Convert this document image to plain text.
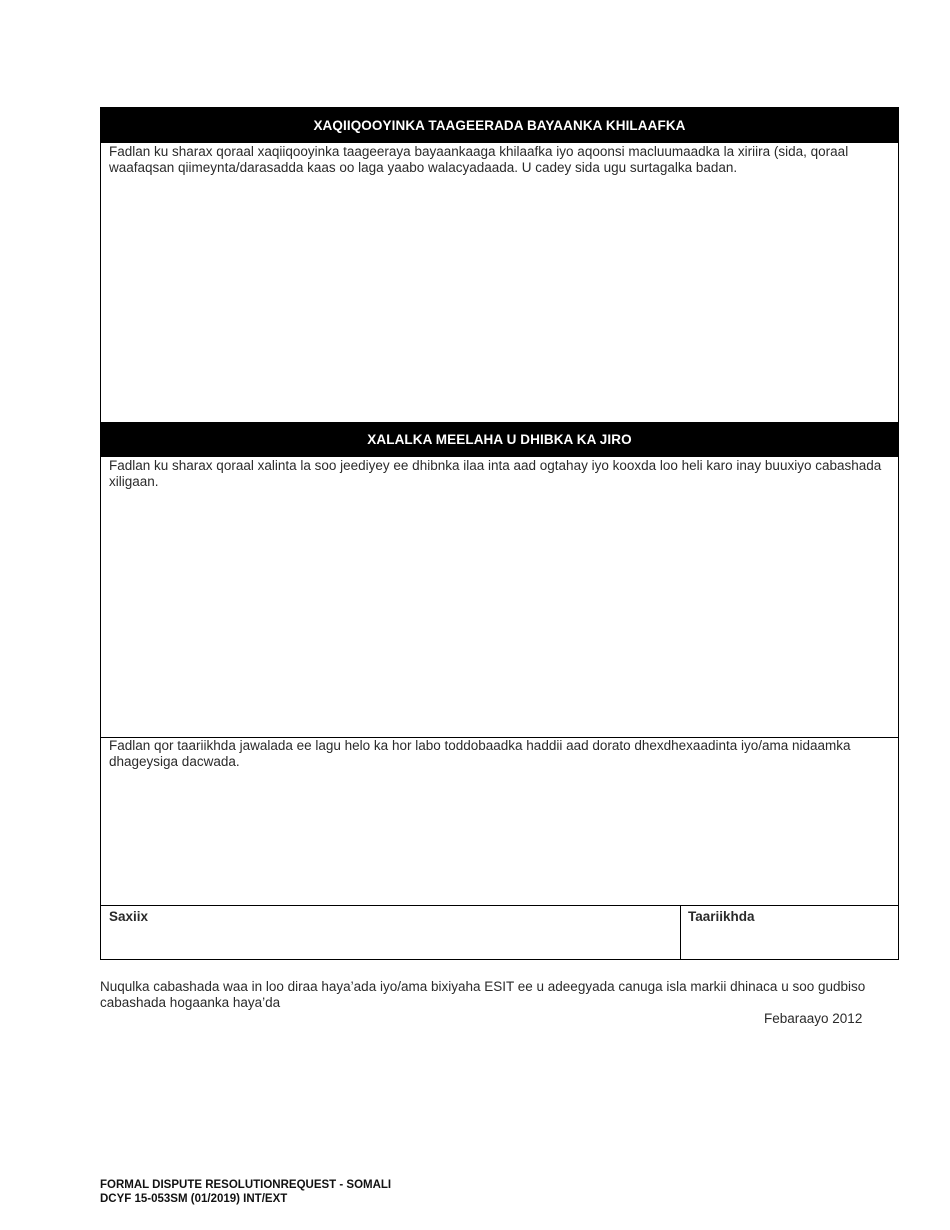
XAQIIQOOYINKA TAAGEERADA BAYAANKA KHILAAFKA
Fadlan ku sharax qoraal xaqiiqooyinka taageeraya bayaankaaga khilaafka iyo aqoonsi macluumaadka la xiriira (sida, qoraal waafaqsan qiimeynta/darasadda kaas oo laga yaabo walacyadaada. U cadey sida ugu surtagalka badan.
XALALKA MEELAHA U DHIBKA KA JIRO
Fadlan ku sharax qoraal xalinta la soo jeediyey ee dhibnka ilaa inta aad ogtahay iyo kooxda loo heli karo inay buuxiyo cabashada xiligaan.
Fadlan qor taariikhda jawalada ee lagu helo ka hor labo toddobaadka haddii aad dorato dhexdhexaadinta iyo/ama nidaamka dhageysiga dacwada.
Saxiix	Taariikhda
Nuqulka cabashada waa in loo diraa haya’ada iyo/ama bixiyaha ESIT ee u adeegyada canuga isla markii dhinaca u soo gudbiso cabashada hogaanka haya’da
Febaraayo 2012
FORMAL DISPUTE RESOLUTIONREQUEST - SOMALI
DCYF 15-053SM (01/2019) INT/EXT
